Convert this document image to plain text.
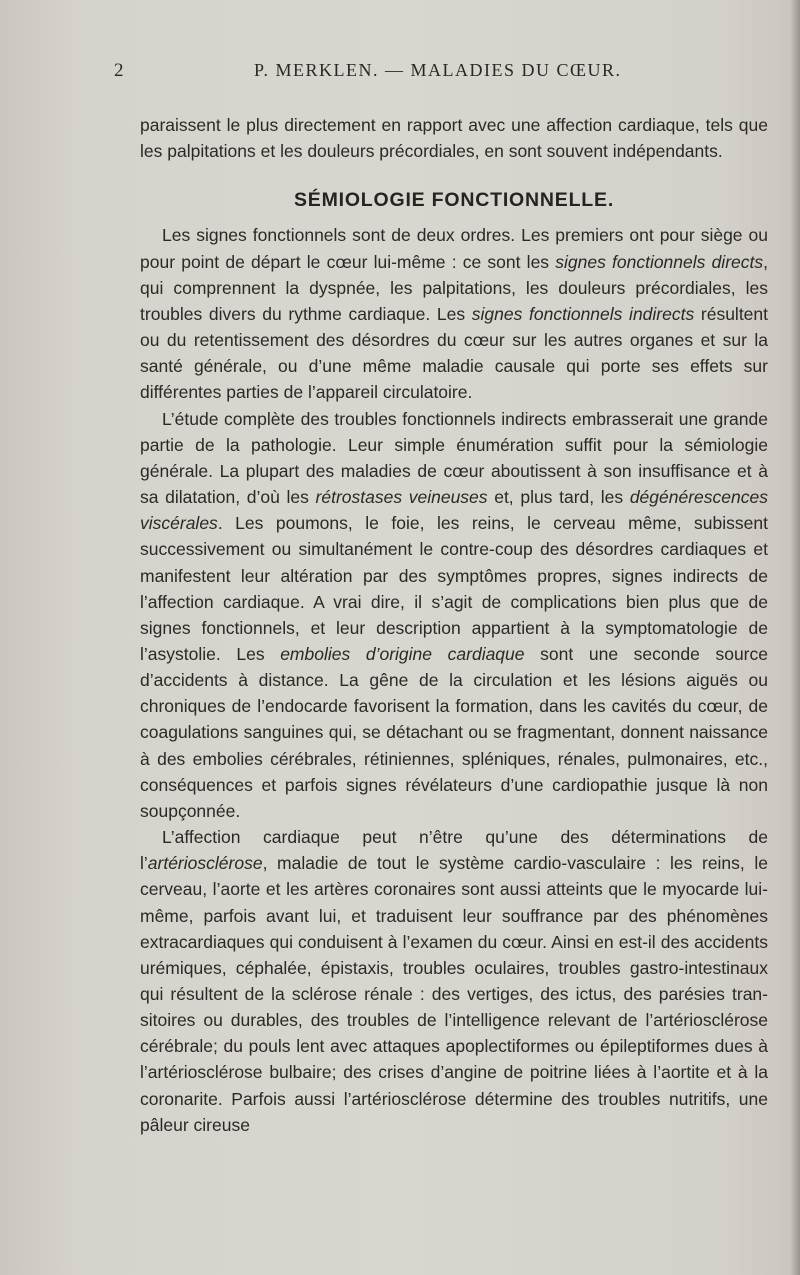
2	P. MERKLEN. — MALADIES DU CŒUR.

paraissent le plus directement en rapport avec une affection cardiaque, tels que les palpitations et les douleurs précordiales, en sont souvent indépendants.

SÉMIOLOGIE FONCTIONNELLE.

Les signes fonctionnels sont de deux ordres. Les premiers ont pour siège ou pour point de départ le cœur lui-même : ce sont les signes fonctionnels directs, qui comprennent la dyspnée, les palpitations, les douleurs précordiales, les troubles divers du rythme cardiaque. Les signes fonctionnels indirects résultent ou du retentissement des désordres du cœur sur les autres organes et sur la santé générale, ou d’une même maladie causale qui porte ses effets sur différentes parties de l’appareil circulatoire.

L’étude complète des troubles fonctionnels indirects embrasserait une grande partie de la pathologie. Leur simple énumération suffit pour la sémiologie générale. La plupart des maladies de cœur aboutissent à son insuffisance et à sa dilatation, d’où les rétrostases veineuses et, plus tard, les dégénérescences viscérales. Les poumons, le foie, les reins, le cerveau même, subissent successivement ou simultanément le contre-coup des désordres cardiaques et manifestent leur altération par des symptômes propres, signes indirects de l’affection cardiaque. A vrai dire, il s’agit de complications bien plus que de signes fonctionnels, et leur description appartient à la symptomatologie de l’asystolie. Les embolies d’origine cardiaque sont une seconde source d’accidents à distance. La gêne de la circulation et les lésions aiguës ou chroniques de l’endocarde favorisent la formation, dans les cavités du cœur, de coagulations sanguines qui, se détachant ou se fragmentant, donnent naissance à des embolies cérébrales, rétiniennes, spléniques, rénales, pulmonaires, etc., conséquences et parfois signes révélateurs d’une cardiopathie jusque là non soupçonnée.

L’affection cardiaque peut n’être qu’une des déterminations de l’artériosclérose, maladie de tout le système cardio-vasculaire : les reins, le cerveau, l’aorte et les artères coronaires sont aussi atteints que le myocarde lui-même, parfois avant lui, et traduisent leur souffrance par des phénomènes extracardiaques qui conduisent à l’examen du cœur. Ainsi en est-il des accidents urémiques, céphalée, épistaxis, troubles oculaires, troubles gastro-intestinaux qui résultent de la sclérose rénale : des vertiges, des ictus, des parésies transitoires ou durables, des troubles de l’intelligence relevant de l’artériosclérose cérébrale; du pouls lent avec attaques apoplectiformes ou épileptiformes dues à l’artériosclérose bulbaire; des crises d’angine de poitrine liées à l’aortite et à la coronarite. Parfois aussi l’artériosclérose détermine des troubles nutritifs, une pâleur cireuse
